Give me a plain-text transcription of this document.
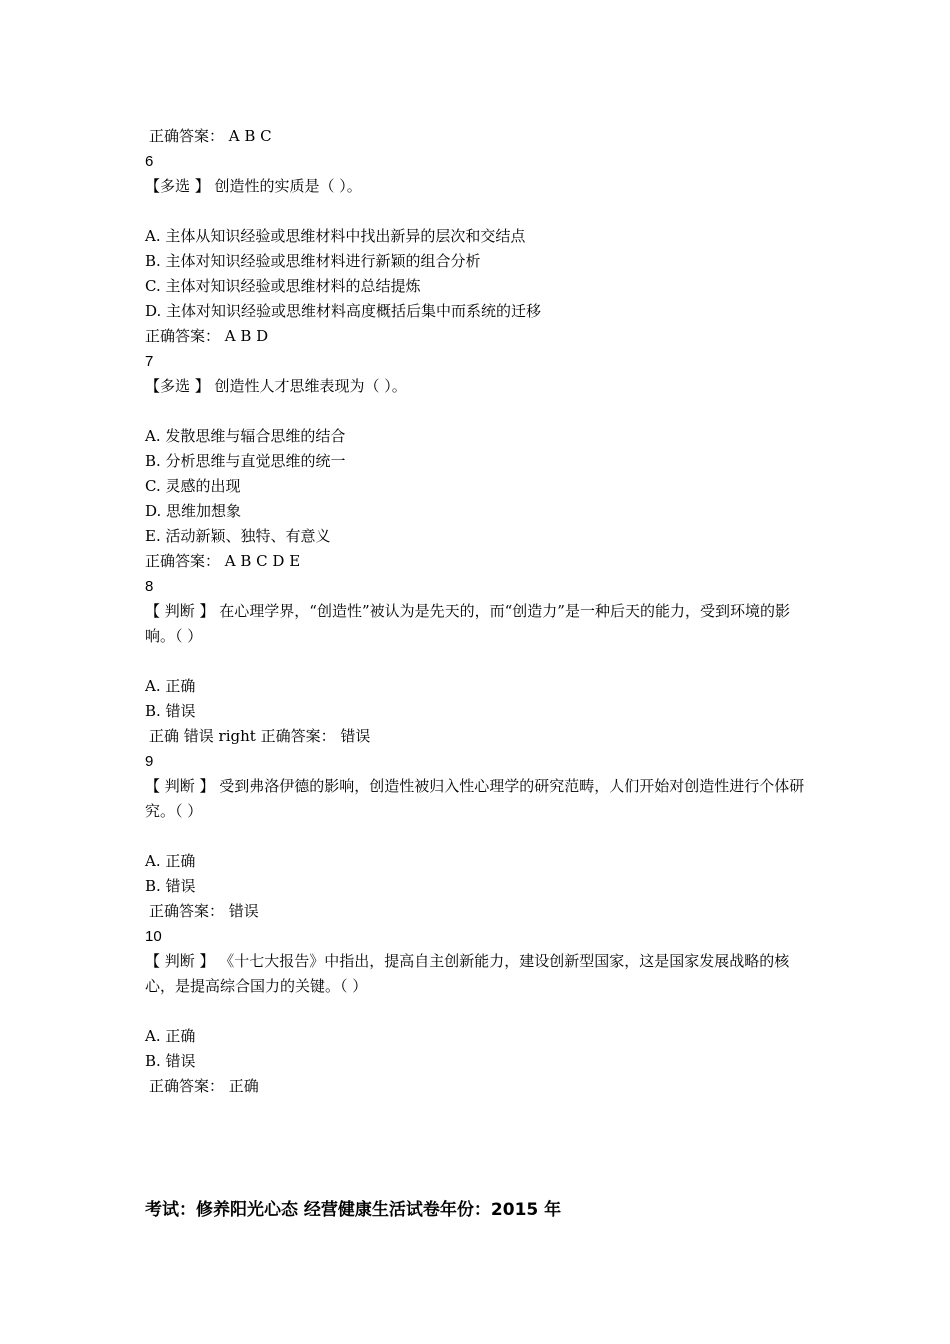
正确答案： A B C
6
【多选 】 创造性的实质是（ ）。
A. 主体从知识经验或思维材料中找出新异的层次和交结点
B. 主体对知识经验或思维材料进行新颖的组合分析
C. 主体对知识经验或思维材料的总结提炼
D. 主体对知识经验或思维材料高度概括后集中而系统的迁移
正确答案： A B D
7
【多选 】 创造性人才思维表现为（ ）。
A. 发散思维与辐合思维的结合
B. 分析思维与直觉思维的统一
C. 灵感的出现
D. 思维加想象
E. 活动新颖、独特、有意义
正确答案： A B C D E
8
【 判断 】 在心理学界，“创造性”被认为是先天的，而“创造力”是一种后天的能力，受到环境的影响。（ ）
A. 正确
B. 错误
正确 错误 right 正确答案： 错误
9
【 判断 】 受到弗洛伊德的影响，创造性被归入性心理学的研究范畴，人们开始对创造性进行个体研究。（ ）
A. 正确
B. 错误
正确答案： 错误
10
【 判断 】 《十七大报告》中指出，提高自主创新能力，建设创新型国家，这是国家发展战略的核心，是提高综合国力的关键。（ ）
A. 正确
B. 错误
正确答案： 正确
考试：修养阳光心态 经营健康生活试卷年份：2015 年
